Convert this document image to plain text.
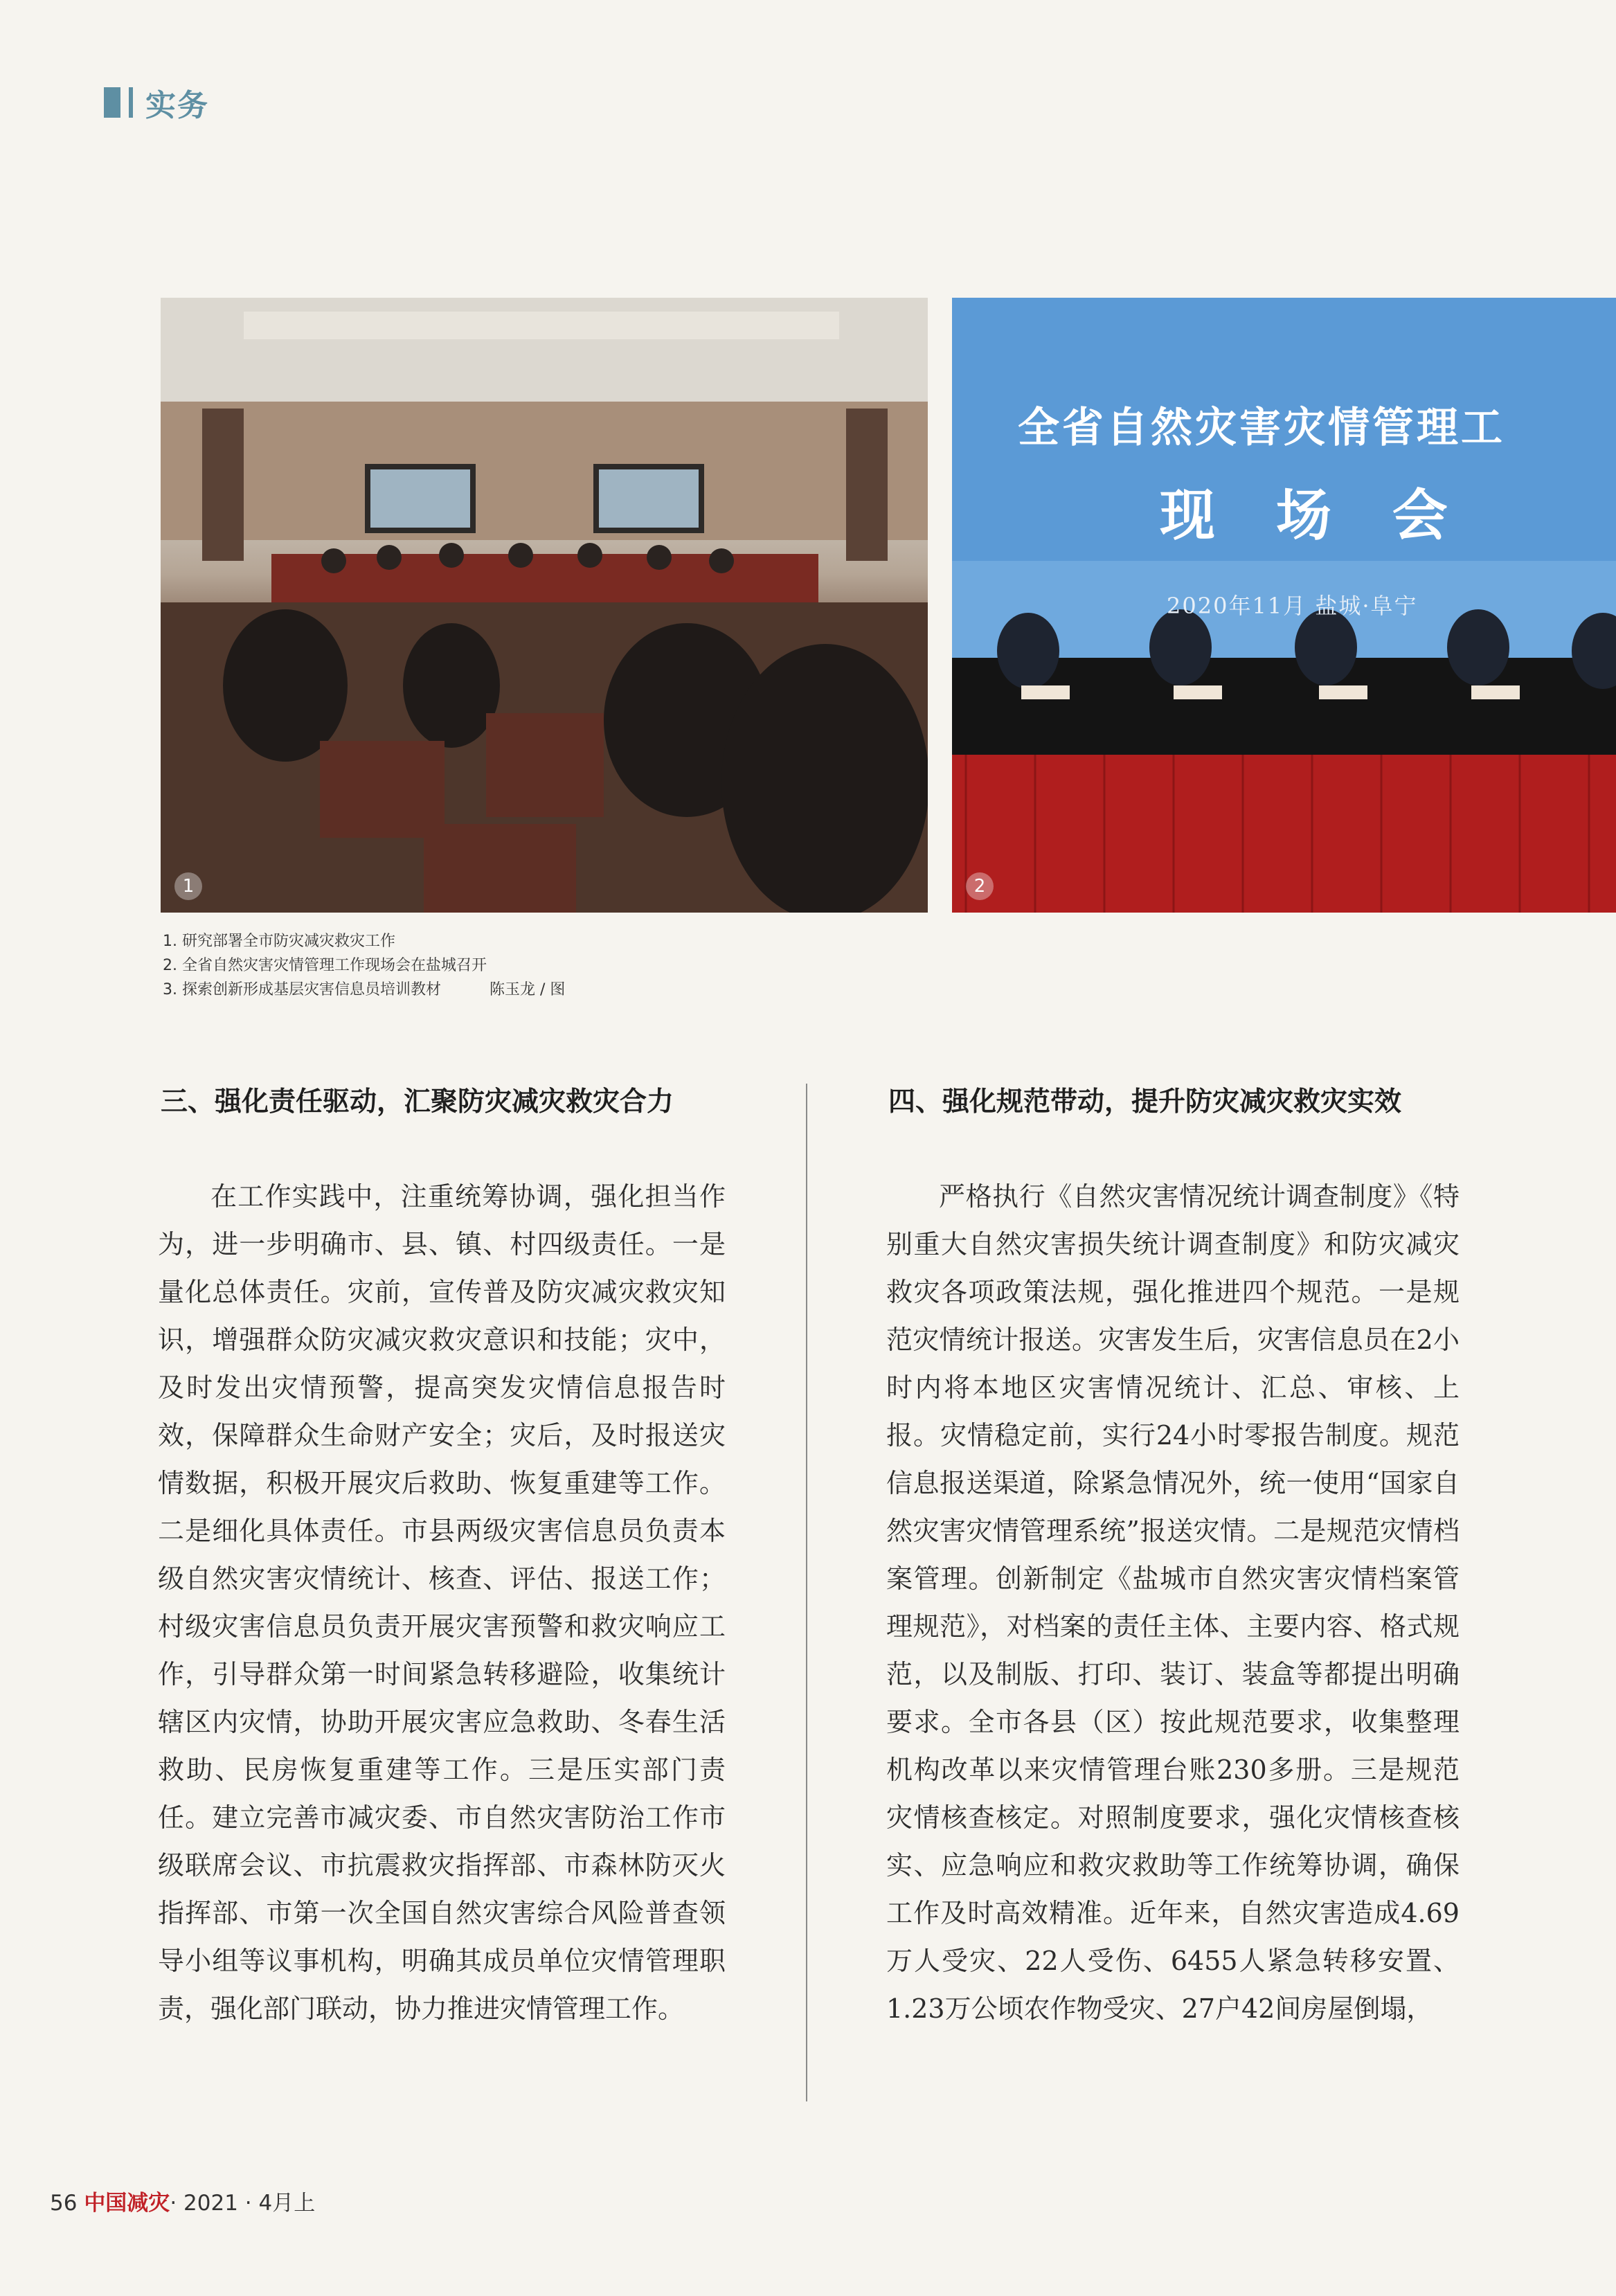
实务
1
全省自然灾害灾情管理工
现 场 会
2020年11月 盐城·阜宁
2
1. 研究部署全市防灾减灾救灾工作
2. 全省自然灾害灾情管理工作现场会在盐城召开
3. 探索创新形成基层灾害信息员培训教材	陈玉龙 / 图
三、强化责任驱动，汇聚防灾减灾救灾合力	四、强化规范带动，提升防灾减灾救灾实效

在工作实践中，注重统筹协调，强化担当作为，进一步明确市、县、镇、村四级责任。一是量化总体责任。灾前，宣传普及防灾减灾救灾知识，增强群众防灾减灾救灾意识和技能；灾中，及时发出灾情预警，提高突发灾情信息报告时效，保障群众生命财产安全；灾后，及时报送灾情数据，积极开展灾后救助、恢复重建等工作。二是细化具体责任。市县两级灾害信息员负责本级自然灾害灾情统计、核查、评估、报送工作；村级灾害信息员负责开展灾害预警和救灾响应工作，引导群众第一时间紧急转移避险，收集统计辖区内灾情，协助开展灾害应急救助、冬春生活救助、民房恢复重建等工作。三是压实部门责任。建立完善市减灾委、市自然灾害防治工作市级联席会议、市抗震救灾指挥部、市森林防灭火指挥部、市第一次全国自然灾害综合风险普查领导小组等议事机构，明确其成员单位灾情管理职责，强化部门联动，协力推进灾情管理工作。

严格执行《自然灾害情况统计调查制度》《特别重大自然灾害损失统计调查制度》和防灾减灾救灾各项政策法规，强化推进四个规范。一是规范灾情统计报送。灾害发生后，灾害信息员在2小时内将本地区灾害情况统计、汇总、审核、上报。灾情稳定前，实行24小时零报告制度。规范信息报送渠道，除紧急情况外，统一使用“国家自然灾害灾情管理系统”报送灾情。二是规范灾情档案管理。创新制定《盐城市自然灾害灾情档案管理规范》，对档案的责任主体、主要内容、格式规范，以及制版、打印、装订、装盒等都提出明确要求。全市各县（区）按此规范要求，收集整理机构改革以来灾情管理台账230多册。三是规范灾情核查核定。对照制度要求，强化灾情核查核实、应急响应和救灾救助等工作统筹协调，确保工作及时高效精准。近年来，自然灾害造成4.69万人受灾、22人受伤、6455人紧急转移安置、1.23万公顷农作物受灾、27户42间房屋倒塌，

56 中国减灾· 2021 · 4月上
